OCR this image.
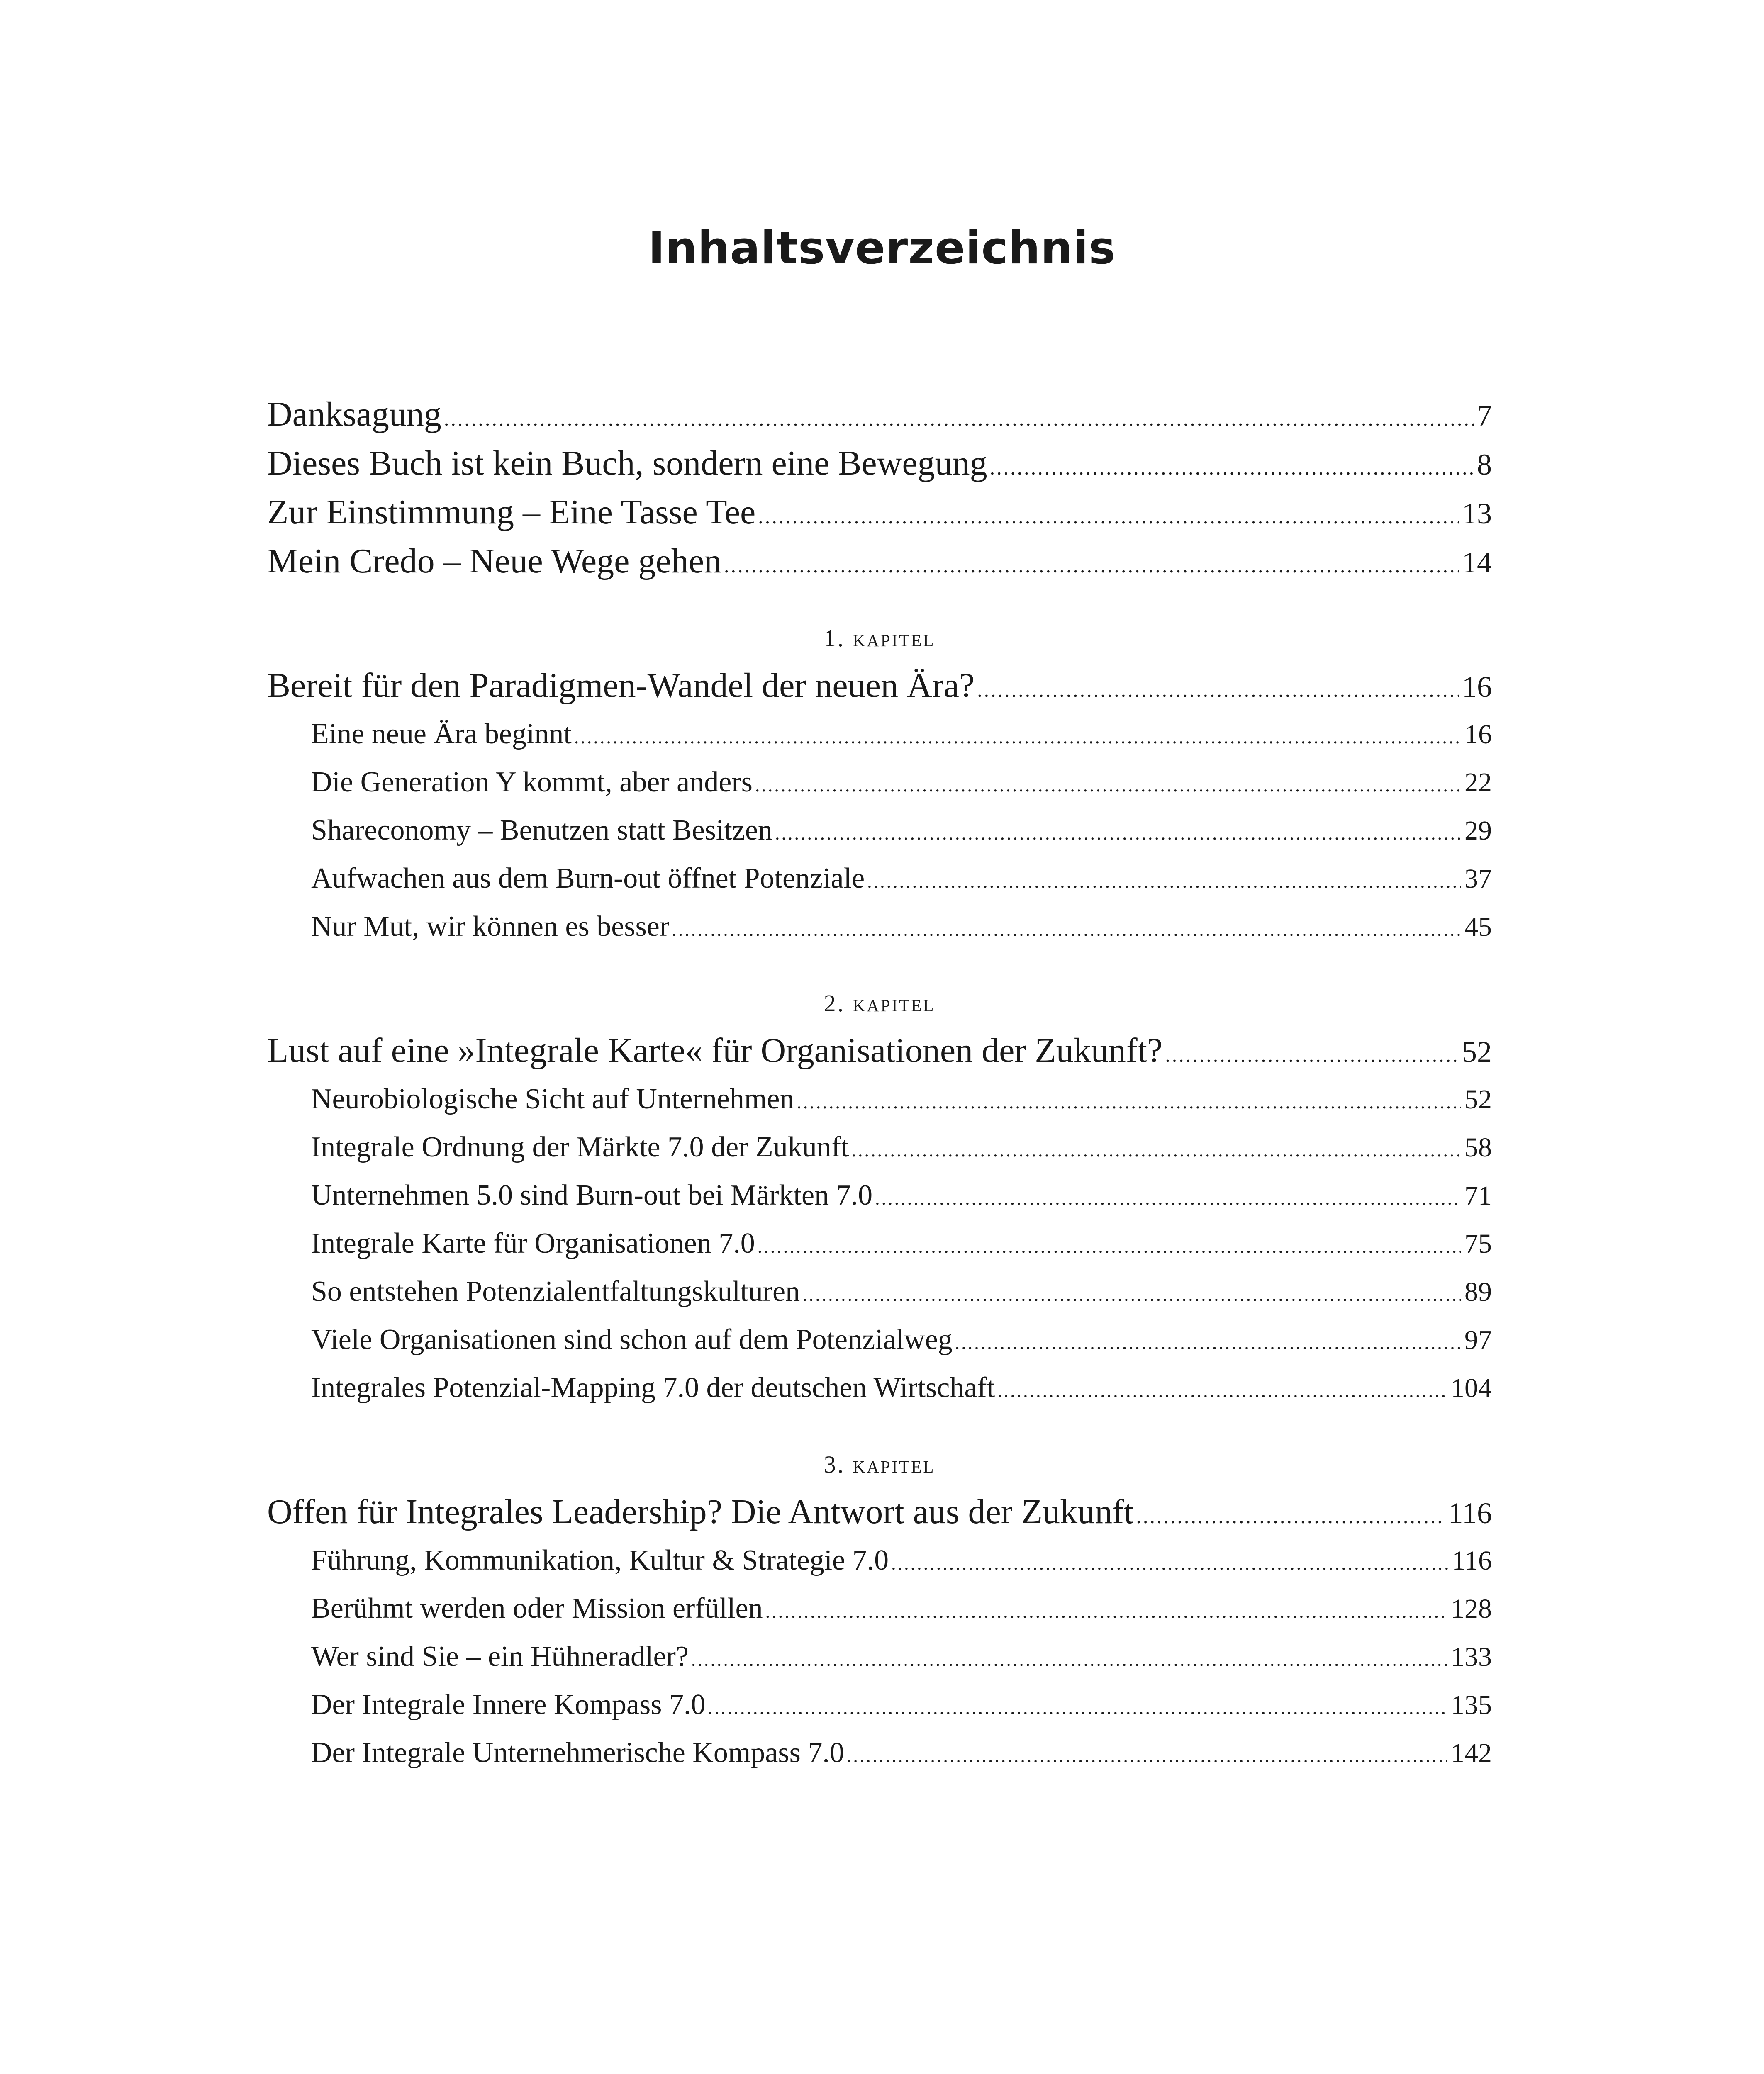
Inhaltsverzeichnis
Danksagung .....	7
Dieses Buch ist kein Buch, sondern eine Bewegung .....	8
Zur Einstimmung – Eine Tasse Tee .....	13
Mein Credo – Neue Wege gehen .....	14
1. kapitel
Bereit für den Paradigmen-Wandel der neuen Ära? .....	16
Eine neue Ära beginnt .....	16
Die Generation Y kommt, aber anders .....	22
Shareconomy – Benutzen statt Besitzen .....	29
Aufwachen aus dem Burn-out öffnet Potenziale .....	37
Nur Mut, wir können es besser .....	45
2. kapitel
Lust auf eine »Integrale Karte« für Organisationen der Zukunft? .....	52
Neurobiologische Sicht auf Unternehmen .....	52
Integrale Ordnung der Märkte 7.0 der Zukunft .....	58
Unternehmen 5.0 sind Burn-out bei Märkten 7.0 .....	71
Integrale Karte für Organisationen 7.0 .....	75
So entstehen Potenzialentfaltungskulturen .....	89
Viele Organisationen sind schon auf dem Potenzialweg .....	97
Integrales Potenzial-Mapping 7.0 der deutschen Wirtschaft .....	104
3. kapitel
Offen für Integrales Leadership? Die Antwort aus der Zukunft .....	116
Führung, Kommunikation, Kultur & Strategie 7.0 .....	116
Berühmt werden oder Mission erfüllen .....	128
Wer sind Sie – ein Hühneradler? .....	133
Der Integrale Innere Kompass 7.0 .....	135
Der Integrale Unternehmerische Kompass 7.0 .....	142
